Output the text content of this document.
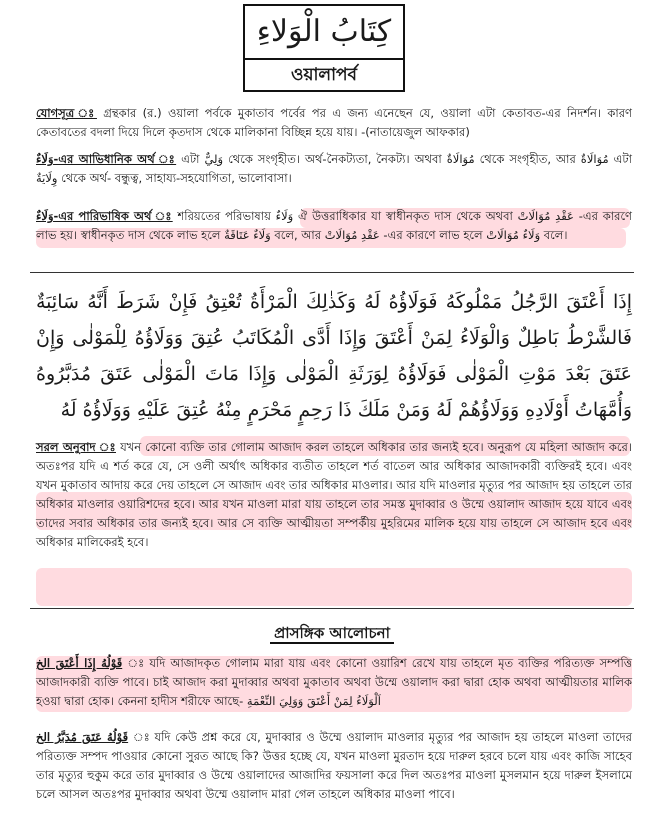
كِتَابُ الْوَلاءِ
ওয়ালাপর্ব

যোগসূত্র ঃ গ্রন্থকার (র.) ওয়ালা পর্বকে মুকাতাব পর্বের পর এ জন্য এনেছেন যে, ওয়ালা এটা কেতাবত-এর নিদর্শন। কারণ কেতাবতের বদলা দিয়ে দিলে কৃতদাস থেকে মালিকানা বিচ্ছিন্ন হয়ে যায়। -(নাতায়েজুল আফকার)

وَلَاءٌ-এর আভিধানিক অর্থ ঃ এটা وَلِيٌّ থেকে সংগৃহীত। অর্থ-নৈকট্যতা, নৈকট্য। অথবা مُوَالَاةٌ থেকে সংগৃহীত, আর مُوَالَاةٌ এটা وِلَايَةٌ থেকে অর্থ- বন্ধুত্ব, সাহায্য-সহযোগিতা, ভালোবাসা।

وَلَاءٌ-এর পারিভাষিক অর্থ ঃ শরিয়তের পরিভাষায় وَلَاءٌ ঐ উত্তরাধিকার যা স্বাধীনকৃত দাস থেকে অথবা عَقْدِ مُوَالَاتْ -এর কারণে লাভ হয়। স্বাধীনকৃত দাস থেকে লাভ হলে وَلَاءٌ عَتَاقَةٌ বলে, আর عَقْدِ مُوَالَاتْ -এর কারণে লাভ হলে وَلَاءٌ مُوَالَاتْ বলে।

إِذَا أَعْتَقَ الرَّجُلُ مَمْلُوكَهُ فَوَلَاؤُهُ لَهُ وَكَذٰلِكَ الْمَرْأَةُ تُعْتِقُ فَإِنْ شَرَطَ أَنَّهُ سَائِبَةٌ فَالشَّرْطُ بَاطِلٌ وَالْوَلَاءُ لِمَنْ أَعْتَقَ وَإِذَا أَدَّى الْمُكَاتَبُ عُتِقَ وَوَلَاؤُهُ لِلْمَوْلٰى وَإِنْ عَتَقَ بَعْدَ مَوْتِ الْمَوْلٰى فَوَلَاؤُهُ لِوَرَثَةِ الْمَوْلٰى وَإِذَا مَاتَ الْمَوْلٰى عَتَقَ مُدَبَّرُوهُ وَأُمَّهَاتُ أَوْلَادِهِ وَوَلَاؤُهُمْ لَهُ وَمَنْ مَلَكَ ذَا رَحِمٍ مَحْرَمٍ مِنْهُ عُتِقَ عَلَيْهِ وَوَلَاؤُهُ لَهُ

সরল অনুবাদ ঃ যখন কোনো ব্যক্তি তার গোলাম আজাদ করল তাহলে অধিকার তার জন্যই হবে। অনুরূপ যে মহিলা আজাদ করে। অতঃপর যদি এ শর্ত করে যে, সে ওলী অর্থাৎ অধিকার ব্যতীত তাহলে শর্ত বাতেল আর অধিকার আজাদকারী ব্যক্তিরই হবে। এবং যখন মুকাতাব আদায় করে দেয় তাহলে সে আজাদ এবং তার অধিকার মাওলার। আর যদি মাওলার মৃত্যুর পর আজাদ হয় তাহলে তার অধিকার মাওলার ওয়ারিশদের হবে। আর যখন মাওলা মারা যায় তাহলে তার সমস্ত মুদাব্বার ও উম্মে ওয়ালাদ আজাদ হয়ে যাবে এবং তাদের সবার অধিকার তার জন্যই হবে। আর সে ব্যক্তি আত্মীয়তা সম্পর্কীয় মুহরিমের মালিক হয়ে যায় তাহলে সে আজাদ হবে এবং অধিকার মালিকেরই হবে।

প্রাসঙ্গিক আলোচনা

قَوْلُهُ إِذَا أَعْتَقَ الخ ঃ যদি আজাদকৃত গোলাম মারা যায় এবং কোনো ওয়ারিশ রেখে যায় তাহলে মৃত ব্যক্তির পরিত্যক্ত সম্পত্তি আজাদকারী ব্যক্তি পাবে। চাই আজাদ করা মুদাব্বার অথবা মুকাতাব অথবা উম্মে ওয়ালাদ করা দ্বারা হোক অথবা আত্মীয়তার মালিক হওয়া দ্বারা হোক। কেননা হাদীস শরীফে আছে- اَلْوَلَاءُ لِمَنْ أَعْتَقَ وَوَلِيَ النِّعْمَةِ

قَوْلُهُ عَتَقَ مُدَبَّرُ الخ ঃ যদি কেউ প্রশ্ন করে যে, মুদাব্বার ও উম্মে ওয়ালাদ মাওলার মৃত্যুর পর আজাদ হয় তাহলে মাওলা তাদের পরিত্যক্ত সম্পদ পাওয়ার কোনো সুরত আছে কি? উত্তর হচ্ছে যে, যখন মাওলা মুরতাদ হয়ে দারুল হরবে চলে যায় এবং কাজি সাহেব তার মৃত্যুর হুকুম করে তার মুদাব্বার ও উম্মে ওয়ালাদের আজাদির ফয়সালা করে দিল অতঃপর মাওলা মুসলমান হয়ে দারুল ইসলামে চলে আসল অতঃপর মুদাব্বার অথবা উম্মে ওয়ালাদ মারা গেল তাহলে অধিকার মাওলা পাবে।
